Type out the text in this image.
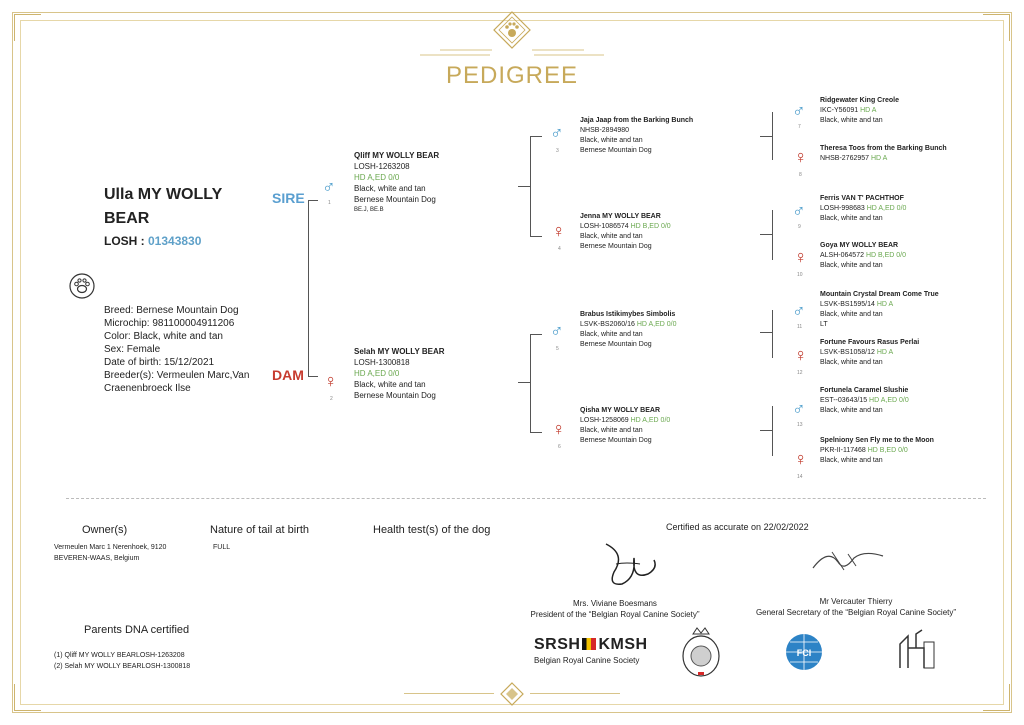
PEDIGREE
Ulla MY WOLLY
BEAR
LOSH : 01343830
Breed: Bernese Mountain Dog
Microchip: 981100004911206
Color: Black, white and tan
Sex: Female
Date of birth: 15/12/2021
Breeder(s): Vermeulen Marc,Van
Craenenbroeck Ilse
SIRE
DAM
♂
1
Qliff MY WOLLY BEAR
LOSH-1263208
HD A,ED 0/0
Black, white and tan
Bernese Mountain Dog
BE.J, BE.B
♀
2
Selah MY WOLLY BEAR
LOSH-1300818
HD A,ED 0/0
Black, white and tan
Bernese Mountain Dog
♂
3
Jaja Jaap from the Barking Bunch
NHSB-2894980
Black, white and tan
Bernese Mountain Dog
♀
4
Jenna MY WOLLY BEAR
LOSH-1086574 HD B,ED 0/0
Black, white and tan
Bernese Mountain Dog
♂
5
Brabus Istikimybes Simbolis
LSVK-BS2060/16 HD A,ED 0/0
Black, white and tan
Bernese Mountain Dog
♀
6
Qisha MY WOLLY BEAR
LOSH-1258069 HD A,ED 0/0
Black, white and tan
Bernese Mountain Dog
♂
7
Ridgewater King Creole
IKC-Y56091 HD A
Black, white and tan
♀
8
Theresa Toos from the Barking Bunch
NHSB-2762957 HD A
♂
9
Ferris VAN T' PACHTHOF
LOSH-998683 HD A,ED 0/0
Black, white and tan
♀
10
Goya MY WOLLY BEAR
ALSH-064572 HD B,ED 0/0
Black, white and tan
♂
11
Mountain Crystal Dream Come True
LSVK-BS1595/14 HD A
Black, white and tan
LT
♀
12
Fortune Favours Rasus Perlai
LSVK-BS1058/12 HD A
Black, white and tan
♂
13
Fortunela Caramel Slushie
EST--03643/15 HD A,ED 0/0
Black, white and tan
♀
14
Spelniony Sen Fly me to the Moon
PKR-II-117468 HD B,ED 0/0
Black, white and tan
Owner(s)
Vermeulen Marc 1 Nerenhoek, 9120
BEVEREN-WAAS, Belgium
Nature of tail at birth
FULL
Health test(s) of the dog	Certified as accurate on 22/02/2022
Mrs. Viviane Boesmans
President of the “Belgian Royal Canine Society”
Mr Vercauter Thierry
General Secretary of the “Belgian Royal Canine Society”
Parents DNA certified
(1) Qliff MY WOLLY BEARLOSH-1263208
(2) Selah MY WOLLY BEARLOSH-1300818
SRSH KMSH
Belgian Royal Canine Society
FCI
